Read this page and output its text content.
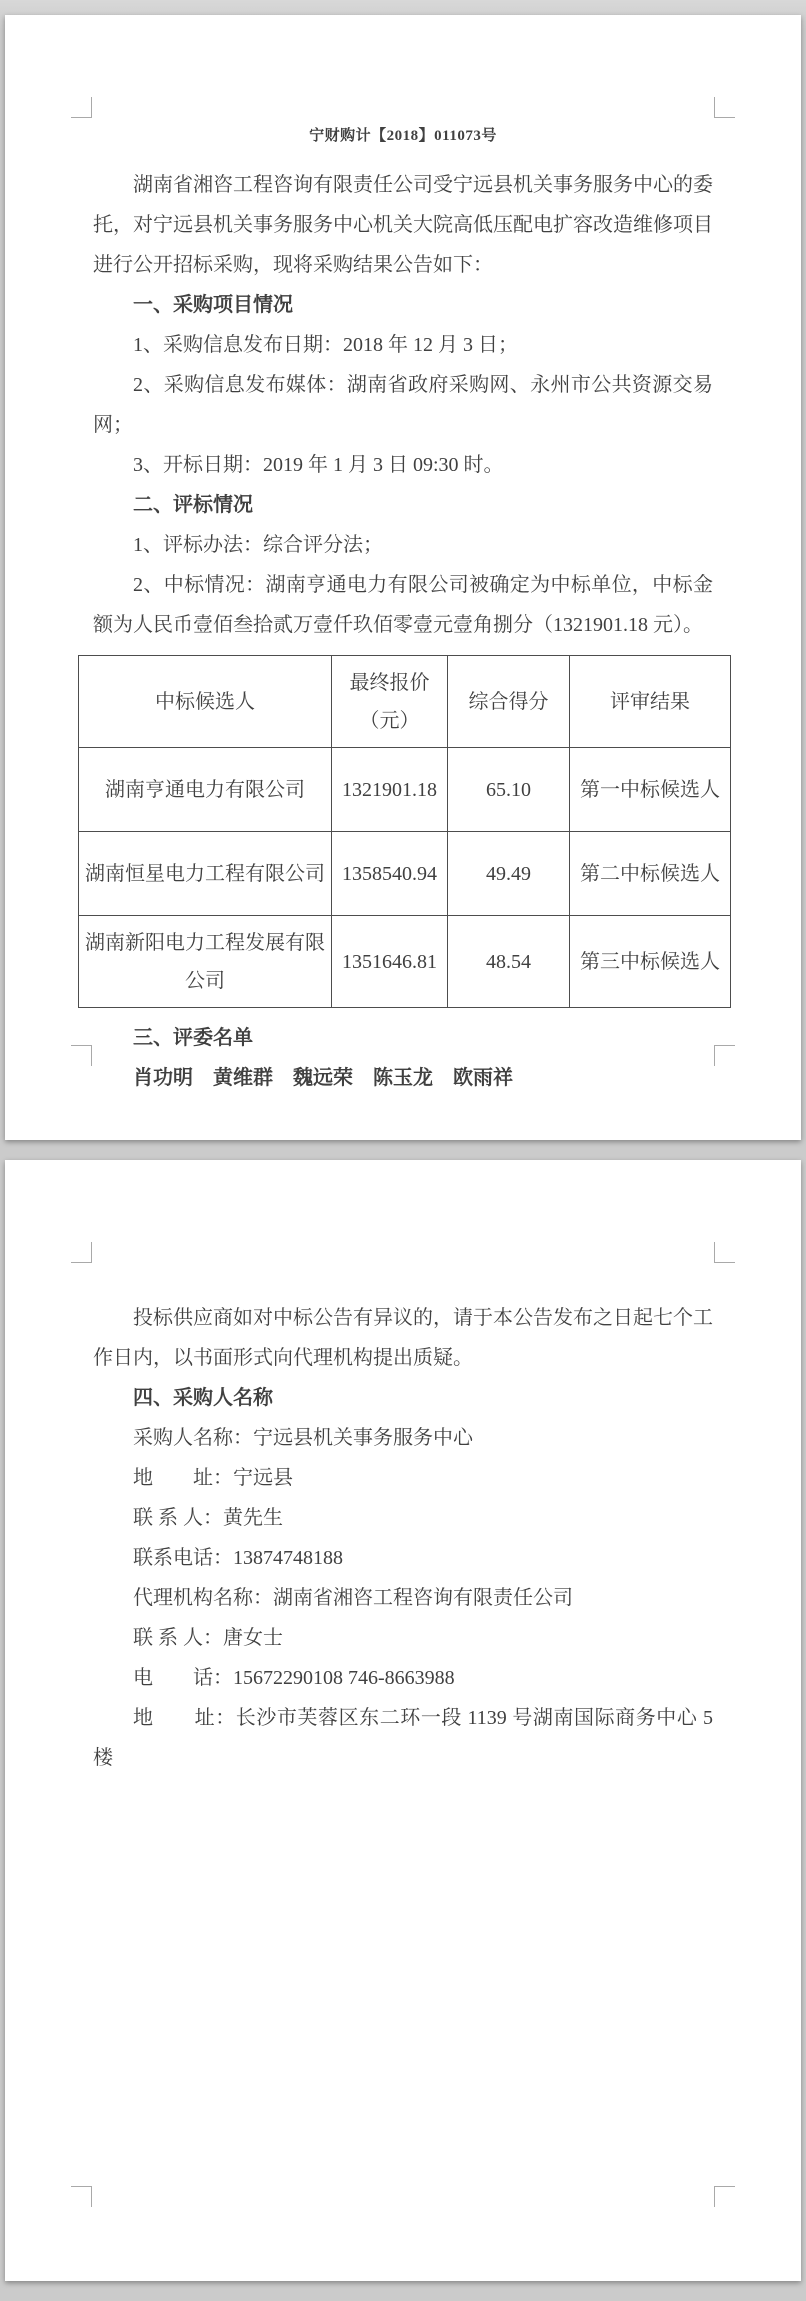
宁财购计【2018】011073号

湖南省湘咨工程咨询有限责任公司受宁远县机关事务服务中心的委托，对宁远县机关事务服务中心机关大院高低压配电扩容改造维修项目进行公开招标采购，现将采购结果公告如下：

一、采购项目情况

1、采购信息发布日期：2018 年 12 月 3 日；

2、采购信息发布媒体：湖南省政府采购网、永州市公共资源交易网；

3、开标日期：2019 年 1 月 3 日 09:30 时。

二、评标情况

1、评标办法：综合评分法；

2、中标情况：湖南亨通电力有限公司被确定为中标单位，中标金额为人民币壹佰叁拾贰万壹仟玖佰零壹元壹角捌分（1321901.18 元）。

中标候选人	最终报价（元）	综合得分	评审结果
湖南亨通电力有限公司	1321901.18	65.10	第一中标候选人
湖南恒星电力工程有限公司	1358540.94	49.49	第二中标候选人
湖南新阳电力工程发展有限公司	1351646.81	48.54	第三中标候选人

三、评委名单

肖功明　黄维群　魏远荣　陈玉龙　欧雨祥

投标供应商如对中标公告有异议的，请于本公告发布之日起七个工作日内，以书面形式向代理机构提出质疑。

四、采购人名称

采购人名称：宁远县机关事务服务中心

地　　址：宁远县

联 系 人：黄先生

联系电话：13874748188

代理机构名称：湖南省湘咨工程咨询有限责任公司

联 系 人：唐女士

电　　话：15672290108 746-8663988

地　　址：长沙市芙蓉区东二环一段 1139 号湖南国际商务中心 5 楼
